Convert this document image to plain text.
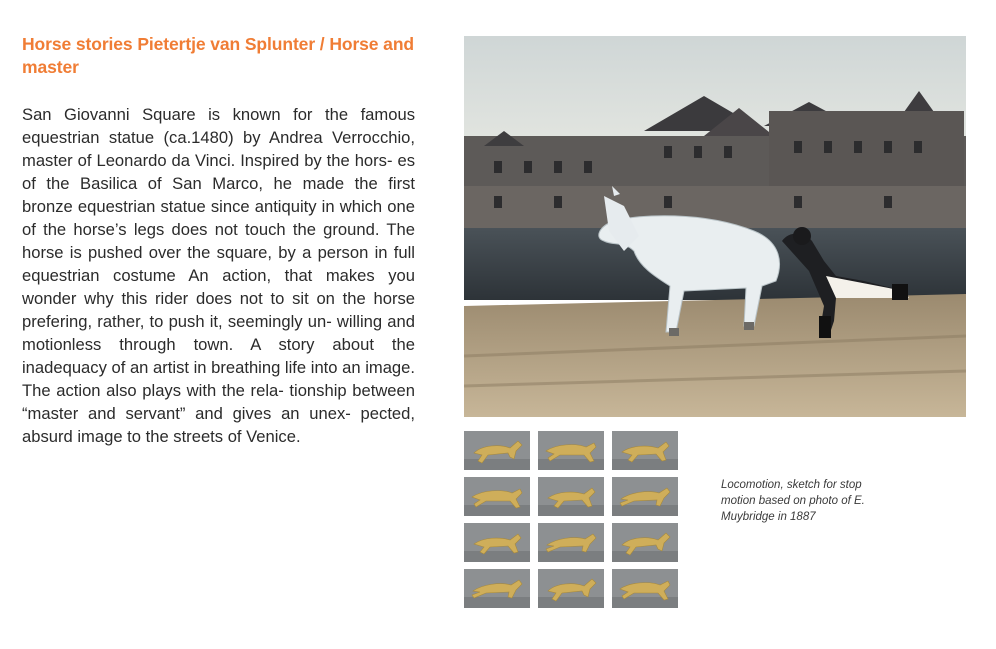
Horse stories Pietertje van Splunter / Horse and master
San Giovanni Square is known for the famous equestrian statue (ca.1480) by Andrea Verrocchio, master of Leonardo da Vinci. Inspired by the hors- es of the Basilica of San Marco, he made the first bronze equestrian statue since antiquity in which one of the horse’s legs does not touch the ground. The horse is pushed over the square, by a person in full equestrian costume An action, that makes you wonder why this rider does not to sit on the horse prefering, rather, to push it, seemingly un- willing and motionless through town. A story about the inadequacy of an artist in breathing life into an image. The action also plays with the rela- tionship between “master and servant” and gives an unex- pected, absurd image to the streets of Venice.
Locomotion, sketch for stop motion based on photo of E. Muybridge in 1887
